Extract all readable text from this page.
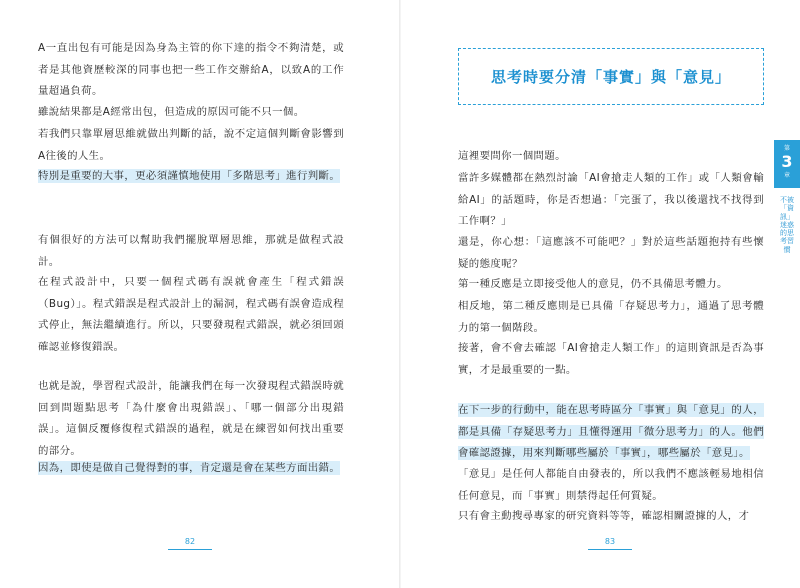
A一直出包有可能是因為身為主管的你下達的指令不夠清楚，或者是其他資歷較深的同事也把一些工作交辦給A，以致A的工作量超過負荷。

雖說結果都是A經常出包，但造成的原因可能不只一個。

若我們只靠單層思維就做出判斷的話，說不定這個判斷會影響到A往後的人生。

特別是重要的大事，更必須謹慎地使用「多階思考」進行判斷。

有個很好的方法可以幫助我們擺脫單層思維，那就是做程式設計。

在程式設計中，只要一個程式碼有誤就會產生「程式錯誤（Bug）」。程式錯誤是程式設計上的漏洞，程式碼有誤會造成程式停止，無法繼續進行。所以，只要發現程式錯誤，就必須回頭確認並修復錯誤。

也就是說，學習程式設計，能讓我們在每一次發現程式錯誤時就回到問題點思考「為什麼會出現錯誤」、「哪一個部分出現錯誤」。這個反覆修復程式錯誤的過程，就是在練習如何找出重要的部分。

因為，即使是做自己覺得對的事，肯定還是會在某些方面出錯。

82
思考時要分清「事實」與「意見」

這裡要問你一個問題。

當許多媒體都在熱烈討論「AI會搶走人類的工作」或「人類會輸給AI」的話題時，你是否想過：「完蛋了，我以後還找不找得到工作啊？」

還是，你心想：「這應該不可能吧？」對於這些話題抱持有些懷疑的態度呢？

第一種反應是立即接受他人的意見，仍不具備思考體力。

相反地，第二種反應則是已具備「存疑思考力」，通過了思考體力的第一個階段。

接著，會不會去確認「AI會搶走人類工作」的這則資訊是否為事實，才是最重要的一點。

在下一步的行動中，能在思考時區分「事實」與「意見」的人，都是具備「存疑思考力」且懂得運用「微分思考力」的人。他們會確認證據，用來判斷哪些屬於「事實」，哪些屬於「意見」。

「意見」是任何人都能自由發表的，所以我們不應該輕易地相信任何意見，而「事實」則禁得起任何質疑。

只有會主動搜尋專家的研究資料等等，確認相關證據的人，才

83
第
3
章
不被「資訊」迷惑的思考習慣
